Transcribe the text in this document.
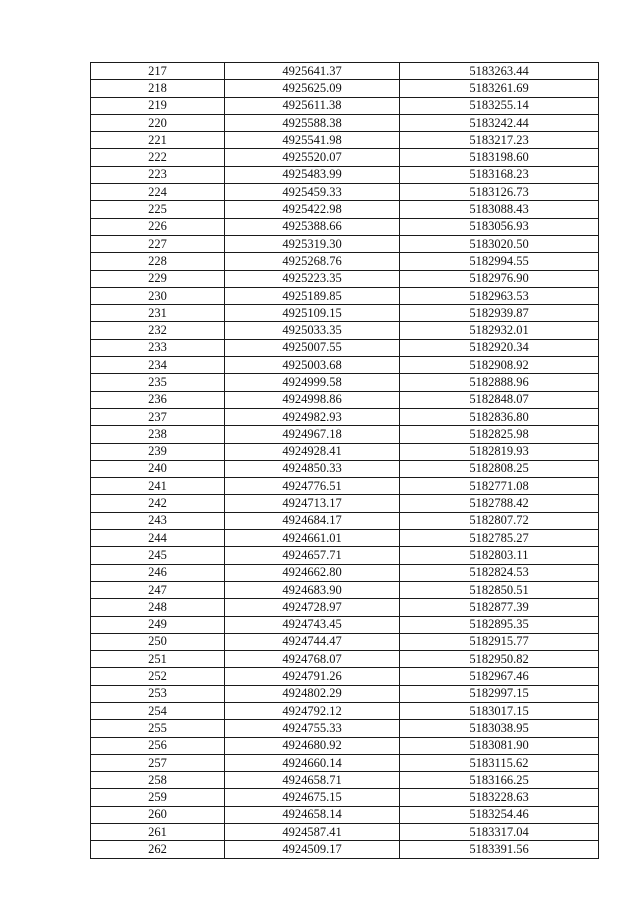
217	4925641.37	5183263.44
218	4925625.09	5183261.69
219	4925611.38	5183255.14
220	4925588.38	5183242.44
221	4925541.98	5183217.23
222	4925520.07	5183198.60
223	4925483.99	5183168.23
224	4925459.33	5183126.73
225	4925422.98	5183088.43
226	4925388.66	5183056.93
227	4925319.30	5183020.50
228	4925268.76	5182994.55
229	4925223.35	5182976.90
230	4925189.85	5182963.53
231	4925109.15	5182939.87
232	4925033.35	5182932.01
233	4925007.55	5182920.34
234	4925003.68	5182908.92
235	4924999.58	5182888.96
236	4924998.86	5182848.07
237	4924982.93	5182836.80
238	4924967.18	5182825.98
239	4924928.41	5182819.93
240	4924850.33	5182808.25
241	4924776.51	5182771.08
242	4924713.17	5182788.42
243	4924684.17	5182807.72
244	4924661.01	5182785.27
245	4924657.71	5182803.11
246	4924662.80	5182824.53
247	4924683.90	5182850.51
248	4924728.97	5182877.39
249	4924743.45	5182895.35
250	4924744.47	5182915.77
251	4924768.07	5182950.82
252	4924791.26	5182967.46
253	4924802.29	5182997.15
254	4924792.12	5183017.15
255	4924755.33	5183038.95
256	4924680.92	5183081.90
257	4924660.14	5183115.62
258	4924658.71	5183166.25
259	4924675.15	5183228.63
260	4924658.14	5183254.46
261	4924587.41	5183317.04
262	4924509.17	5183391.56
